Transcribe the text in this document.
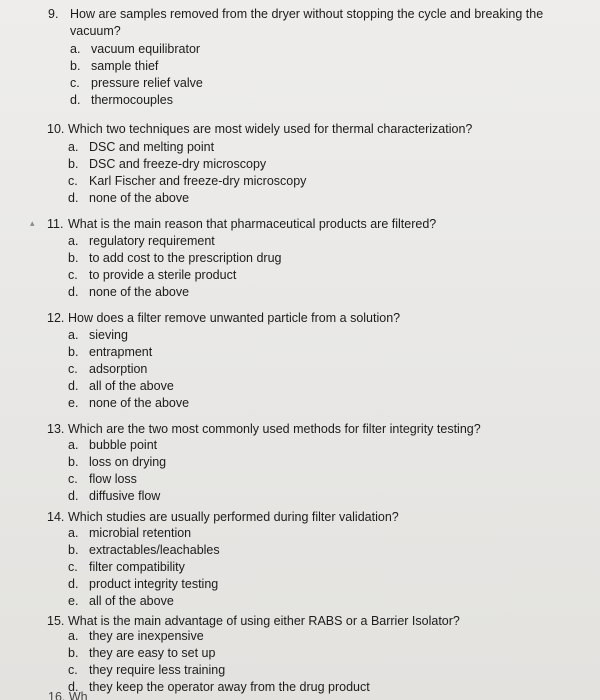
9. How are samples removed from the dryer without stopping the cycle and breaking the
vacuum?
a. vacuum equilibrator
b. sample thief
c. pressure relief valve
d. thermocouples
10. Which two techniques are most widely used for thermal characterization?
a. DSC and melting point
b. DSC and freeze-dry microscopy
c. Karl Fischer and freeze-dry microscopy
d. none of the above
▴ 11. What is the main reason that pharmaceutical products are filtered?
a. regulatory requirement
b. to add cost to the prescription drug
c. to provide a sterile product
d. none of the above
12. How does a filter remove unwanted particle from a solution?
a. sieving
b. entrapment
c. adsorption
d. all of the above
e. none of the above
13. Which are the two most commonly used methods for filter integrity testing?
a. bubble point
b. loss on drying
c. flow loss
d. diffusive flow
14. Which studies are usually performed during filter validation?
a. microbial retention
b. extractables/leachables
c. filter compatibility
d. product integrity testing
e. all of the above
15. What is the main advantage of using either RABS or a Barrier Isolator?
a. they are inexpensive
b. they are easy to set up
c. they require less training
d. they keep the operator away from the drug product
16. Wh
